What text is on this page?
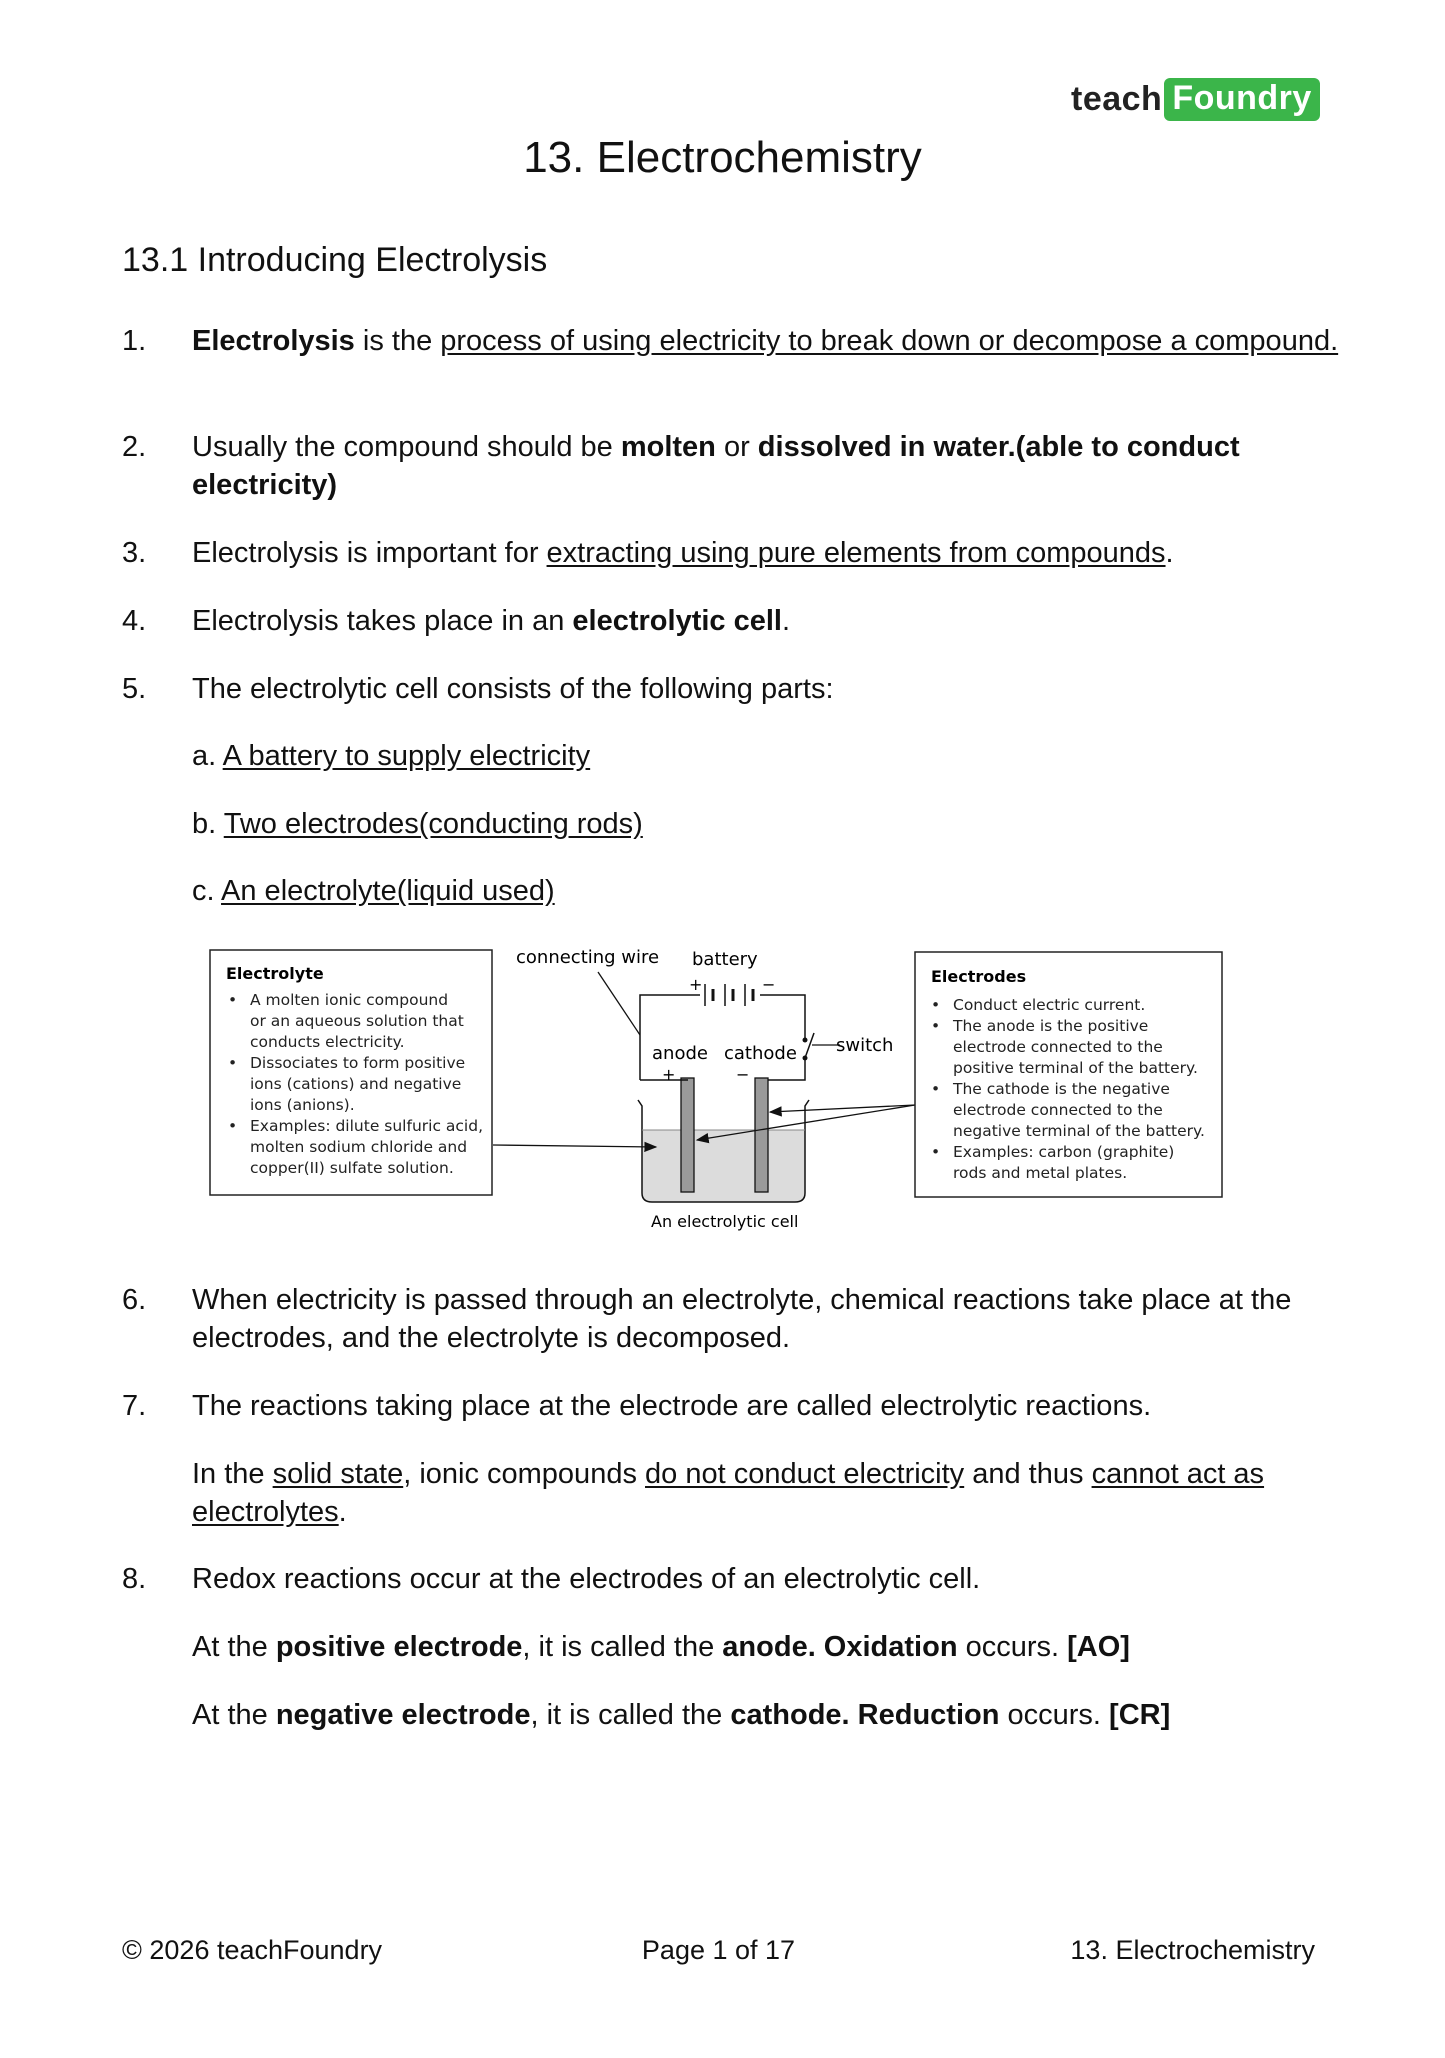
teach Foundry
13. Electrochemistry
13.1 Introducing Electrolysis
1. Electrolysis is the process of using electricity to break down or decompose a compound.
2. Usually the compound should be molten or dissolved in water.(able to conduct electricity)
3. Electrolysis is important for extracting using pure elements from compounds.
4. Electrolysis takes place in an electrolytic cell.
5. The electrolytic cell consists of the following parts:
a. A battery to supply electricity
b. Two electrodes(conducting rods)
c. An electrolyte(liquid used)
Electrolyte
•
•
•
A molten ionic compound
or an aqueous solution that
conducts electricity.
Dissociates to form positive
ions (cations) and negative
ions (anions).
Examples: dilute sulfuric acid,
molten sodium chloride and
copper(II) sulfate solution.
connecting wire battery
+	−
switch
anode cathode
+	−
Electrodes
•
•
•
•
Conduct electric current.
The anode is the positive
electrode connected to the
positive terminal of the battery.
The cathode is the negative
electrode connected to the
negative terminal of the battery.
Examples: carbon (graphite)
rods and metal plates.
An electrolytic cell
6. When electricity is passed through an electrolyte, chemical reactions take place at the electrodes, and the electrolyte is decomposed.
7. The reactions taking place at the electrode are called electrolytic reactions.
In the solid state, ionic compounds do not conduct electricity and thus cannot act as electrolytes.
8. Redox reactions occur at the electrodes of an electrolytic cell.
At the positive electrode, it is called the anode. Oxidation occurs. [AO]
At the negative electrode, it is called the cathode. Reduction occurs. [CR]
© 2026 teachFoundry	Page 1 of 17	13. Electrochemistry
